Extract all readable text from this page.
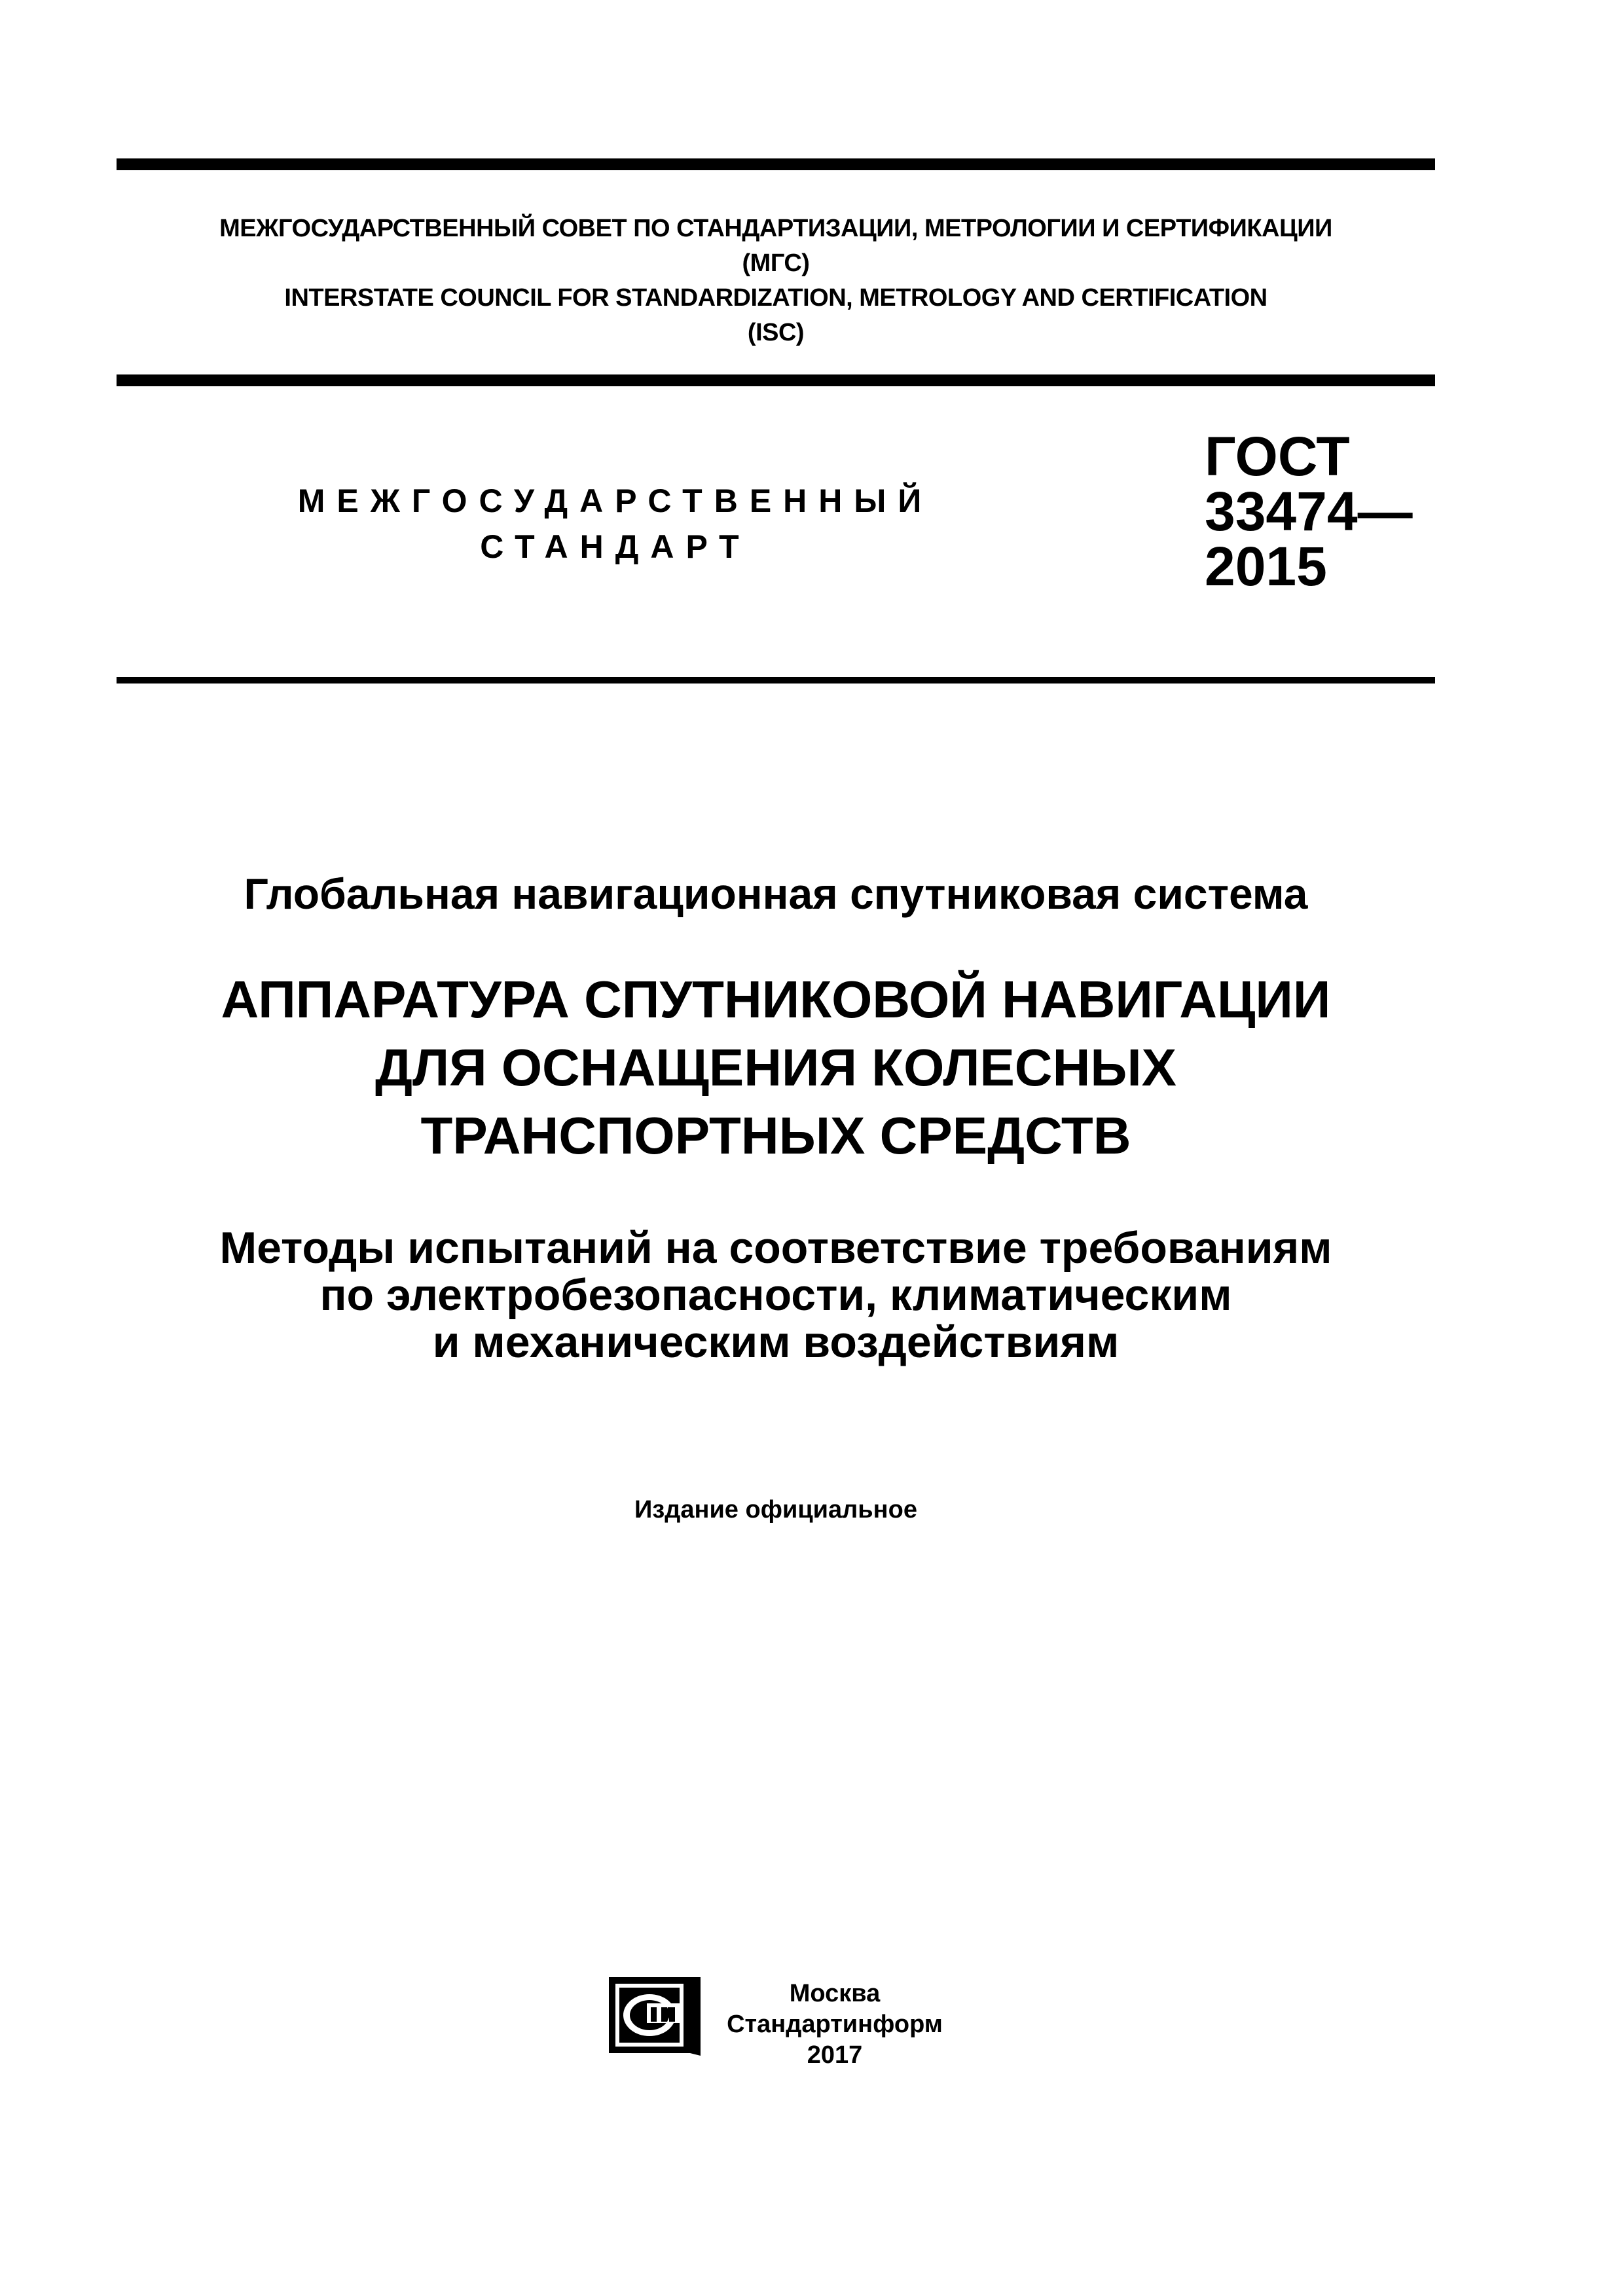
МЕЖГОСУДАРСТВЕННЫЙ СОВЕТ ПО СТАНДАРТИЗАЦИИ, МЕТРОЛОГИИ И СЕРТИФИКАЦИИ
(МГС)
INTERSTATE COUNCIL FOR STANDARDIZATION, METROLOGY AND CERTIFICATION
(ISC)
МЕЖГОСУДАРСТВЕННЫЙ
СТАНДАРТ
ГОСТ
33474—
2015
Глобальная навигационная спутниковая система
АППАРАТУРА СПУТНИКОВОЙ НАВИГАЦИИ
ДЛЯ ОСНАЩЕНИЯ КОЛЕСНЫХ
ТРАНСПОРТНЫХ СРЕДСТВ
Методы испытаний на соответствие требованиям
по электробезопасности, климатическим
и механическим воздействиям
Издание официальное
Москва
Стандартинформ
2017
